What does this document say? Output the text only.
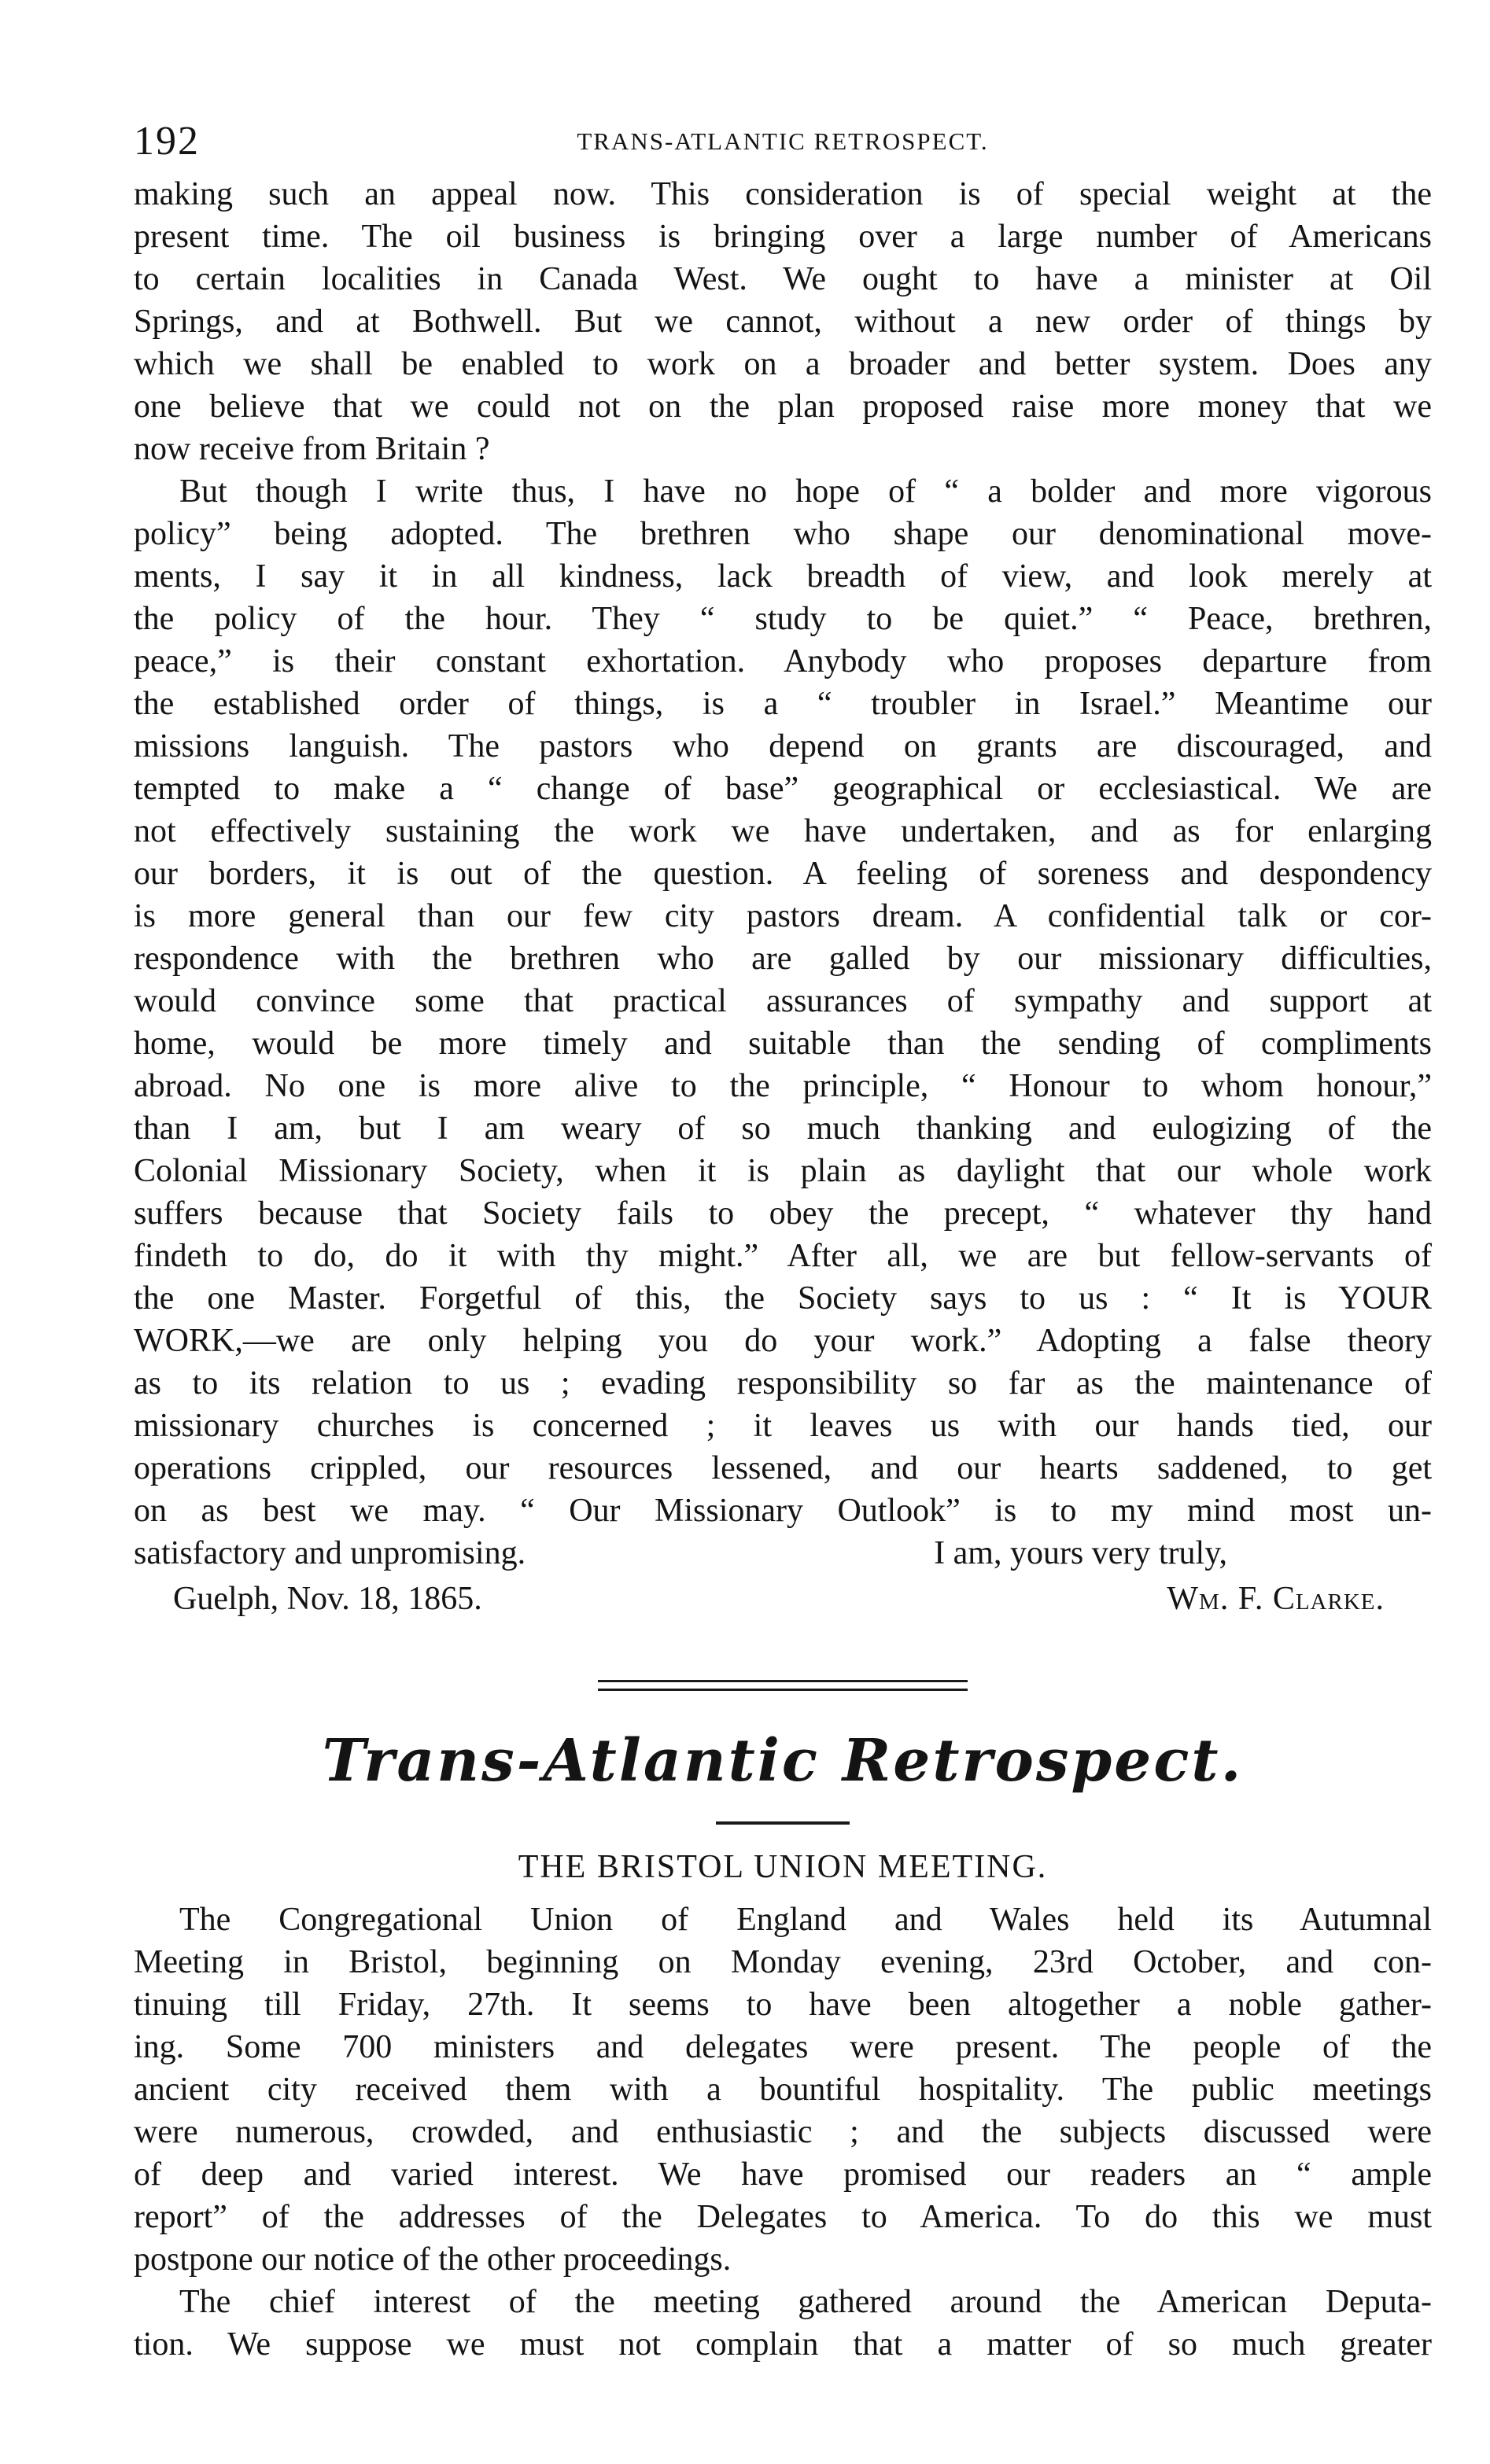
192	TRANS-ATLANTIC RETROSPECT.
making such an appeal now. This consideration is of special weight at the
present time. The oil business is bringing over a large number of Americans
to certain localities in Canada West. We ought to have a minister at Oil
Springs, and at Bothwell. But we cannot, without a new order of things by
which we shall be enabled to work on a broader and better system. Does any
one believe that we could not on the plan proposed raise more money that we
now receive from Britain ?
But though I write thus, I have no hope of “ a bolder and more vigorous
policy” being adopted. The brethren who shape our denominational move-
ments, I say it in all kindness, lack breadth of view, and look merely at
the policy of the hour. They “ study to be quiet.” “ Peace, brethren,
peace,” is their constant exhortation. Anybody who proposes departure from
the established order of things, is a “ troubler in Israel.” Meantime our
missions languish. The pastors who depend on grants are discouraged, and
tempted to make a “ change of base” geographical or ecclesiastical. We are
not effectively sustaining the work we have undertaken, and as for enlarging
our borders, it is out of the question. A feeling of soreness and despondency
is more general than our few city pastors dream. A confidential talk or cor-
respondence with the brethren who are galled by our missionary difficulties,
would convince some that practical assurances of sympathy and support at
home, would be more timely and suitable than the sending of compliments
abroad. No one is more alive to the principle, “ Honour to whom honour,”
than I am, but I am weary of so much thanking and eulogizing of the
Colonial Missionary Society, when it is plain as daylight that our whole work
suffers because that Society fails to obey the precept, “ whatever thy hand
findeth to do, do it with thy might.” After all, we are but fellow-servants of
the one Master. Forgetful of this, the Society says to us : “ It is YOUR
WORK,—we are only helping you do your work.” Adopting a false theory
as to its relation to us ; evading responsibility so far as the maintenance of
missionary churches is concerned ; it leaves us with our hands tied, our
operations crippled, our resources lessened, and our hearts saddened, to get
on as best we may. “ Our Missionary Outlook” is to my mind most un-
satisfactory and unpromising.	I am, yours very truly,
Guelph, Nov. 18, 1865.	Wm. F. Clarke.
Trans-Atlantic Retrospect.
THE BRISTOL UNION MEETING.
The Congregational Union of England and Wales held its Autumnal
Meeting in Bristol, beginning on Monday evening, 23rd October, and con-
tinuing till Friday, 27th. It seems to have been altogether a noble gather-
ing. Some 700 ministers and delegates were present. The people of the
ancient city received them with a bountiful hospitality. The public meetings
were numerous, crowded, and enthusiastic ; and the subjects discussed were
of deep and varied interest. We have promised our readers an “ ample
report” of the addresses of the Delegates to America. To do this we must
postpone our notice of the other proceedings.
The chief interest of the meeting gathered around the American Deputa-
tion. We suppose we must not complain that a matter of so much greater
